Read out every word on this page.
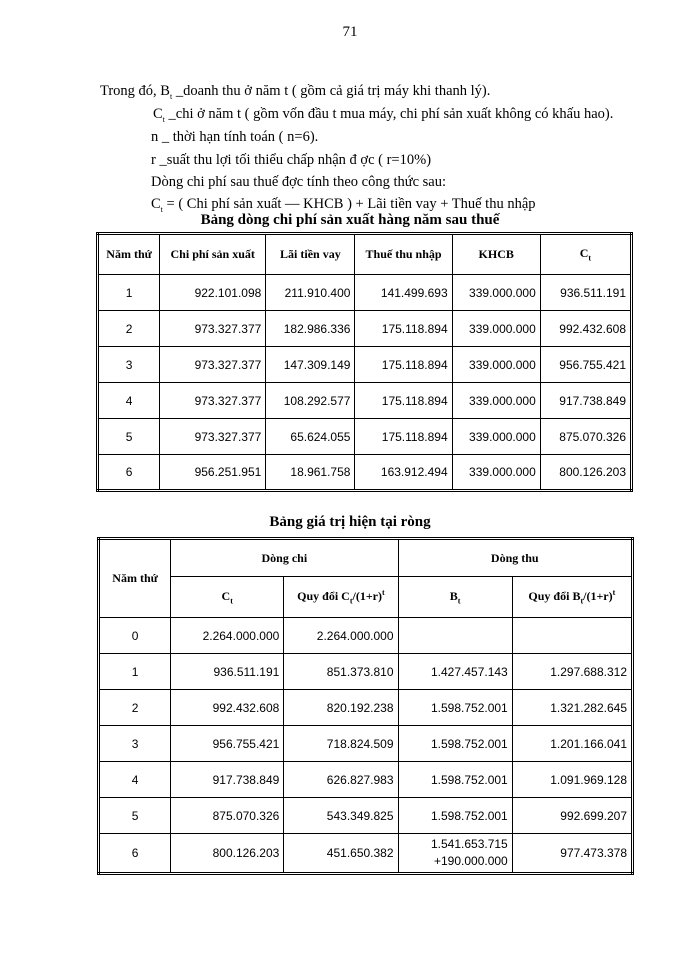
71
Trong đó, $B_t$ _doanh thu ở năm t ( gồm cả giá trị máy khi thanh lý).
$C_t$ _chi ở năm t ( gồm vốn đầu t mua máy, chi phí sản xuất không có khấu hao).
n _ thời hạn tính toán ( n=6).
r _suất thu lợi tối thiểu chấp nhận đ ợc ( r=10%)
Dòng chi phí sau thuế đợc tính theo công thức sau:
$C_t$ = ( Chi phí sản xuất — KHCB ) + Lãi tiền vay + Thuế thu nhập
Bảng dòng chi phí sản xuất hàng năm sau thuế
Năm thứ	Chi phí sản xuất	Lãi tiền vay	Thuế thu nhập	KHCB	$C_t$
1	922.101.098	211.910.400	141.499.693	339.000.000	936.511.191
2	973.327.377	182.986.336	175.118.894	339.000.000	992.432.608
3	973.327.377	147.309.149	175.118.894	339.000.000	956.755.421
4	973.327.377	108.292.577	175.118.894	339.000.000	917.738.849
5	973.327.377	65.624.055	175.118.894	339.000.000	875.070.326
6	956.251.951	18.961.758	163.912.494	339.000.000	800.126.203
Bảng giá trị hiện tại ròng
Năm thứ	Dòng chi		Dòng thu	
	$C_t$	Quy đổi $C_t/(1+r)^t$	$B_t$	Quy đổi $B_t/(1+r)^t$
0	2.264.000.000	2.264.000.000		
1	936.511.191	851.373.810	1.427.457.143	1.297.688.312
2	992.432.608	820.192.238	1.598.752.001	1.321.282.645
3	956.755.421	718.824.509	1.598.752.001	1.201.166.041
4	917.738.849	626.827.983	1.598.752.001	1.091.969.128
5	875.070.326	543.349.825	1.598.752.001	992.699.207
6	800.126.203	451.650.382	1.541.653.715
+190.000.000	977.473.378
